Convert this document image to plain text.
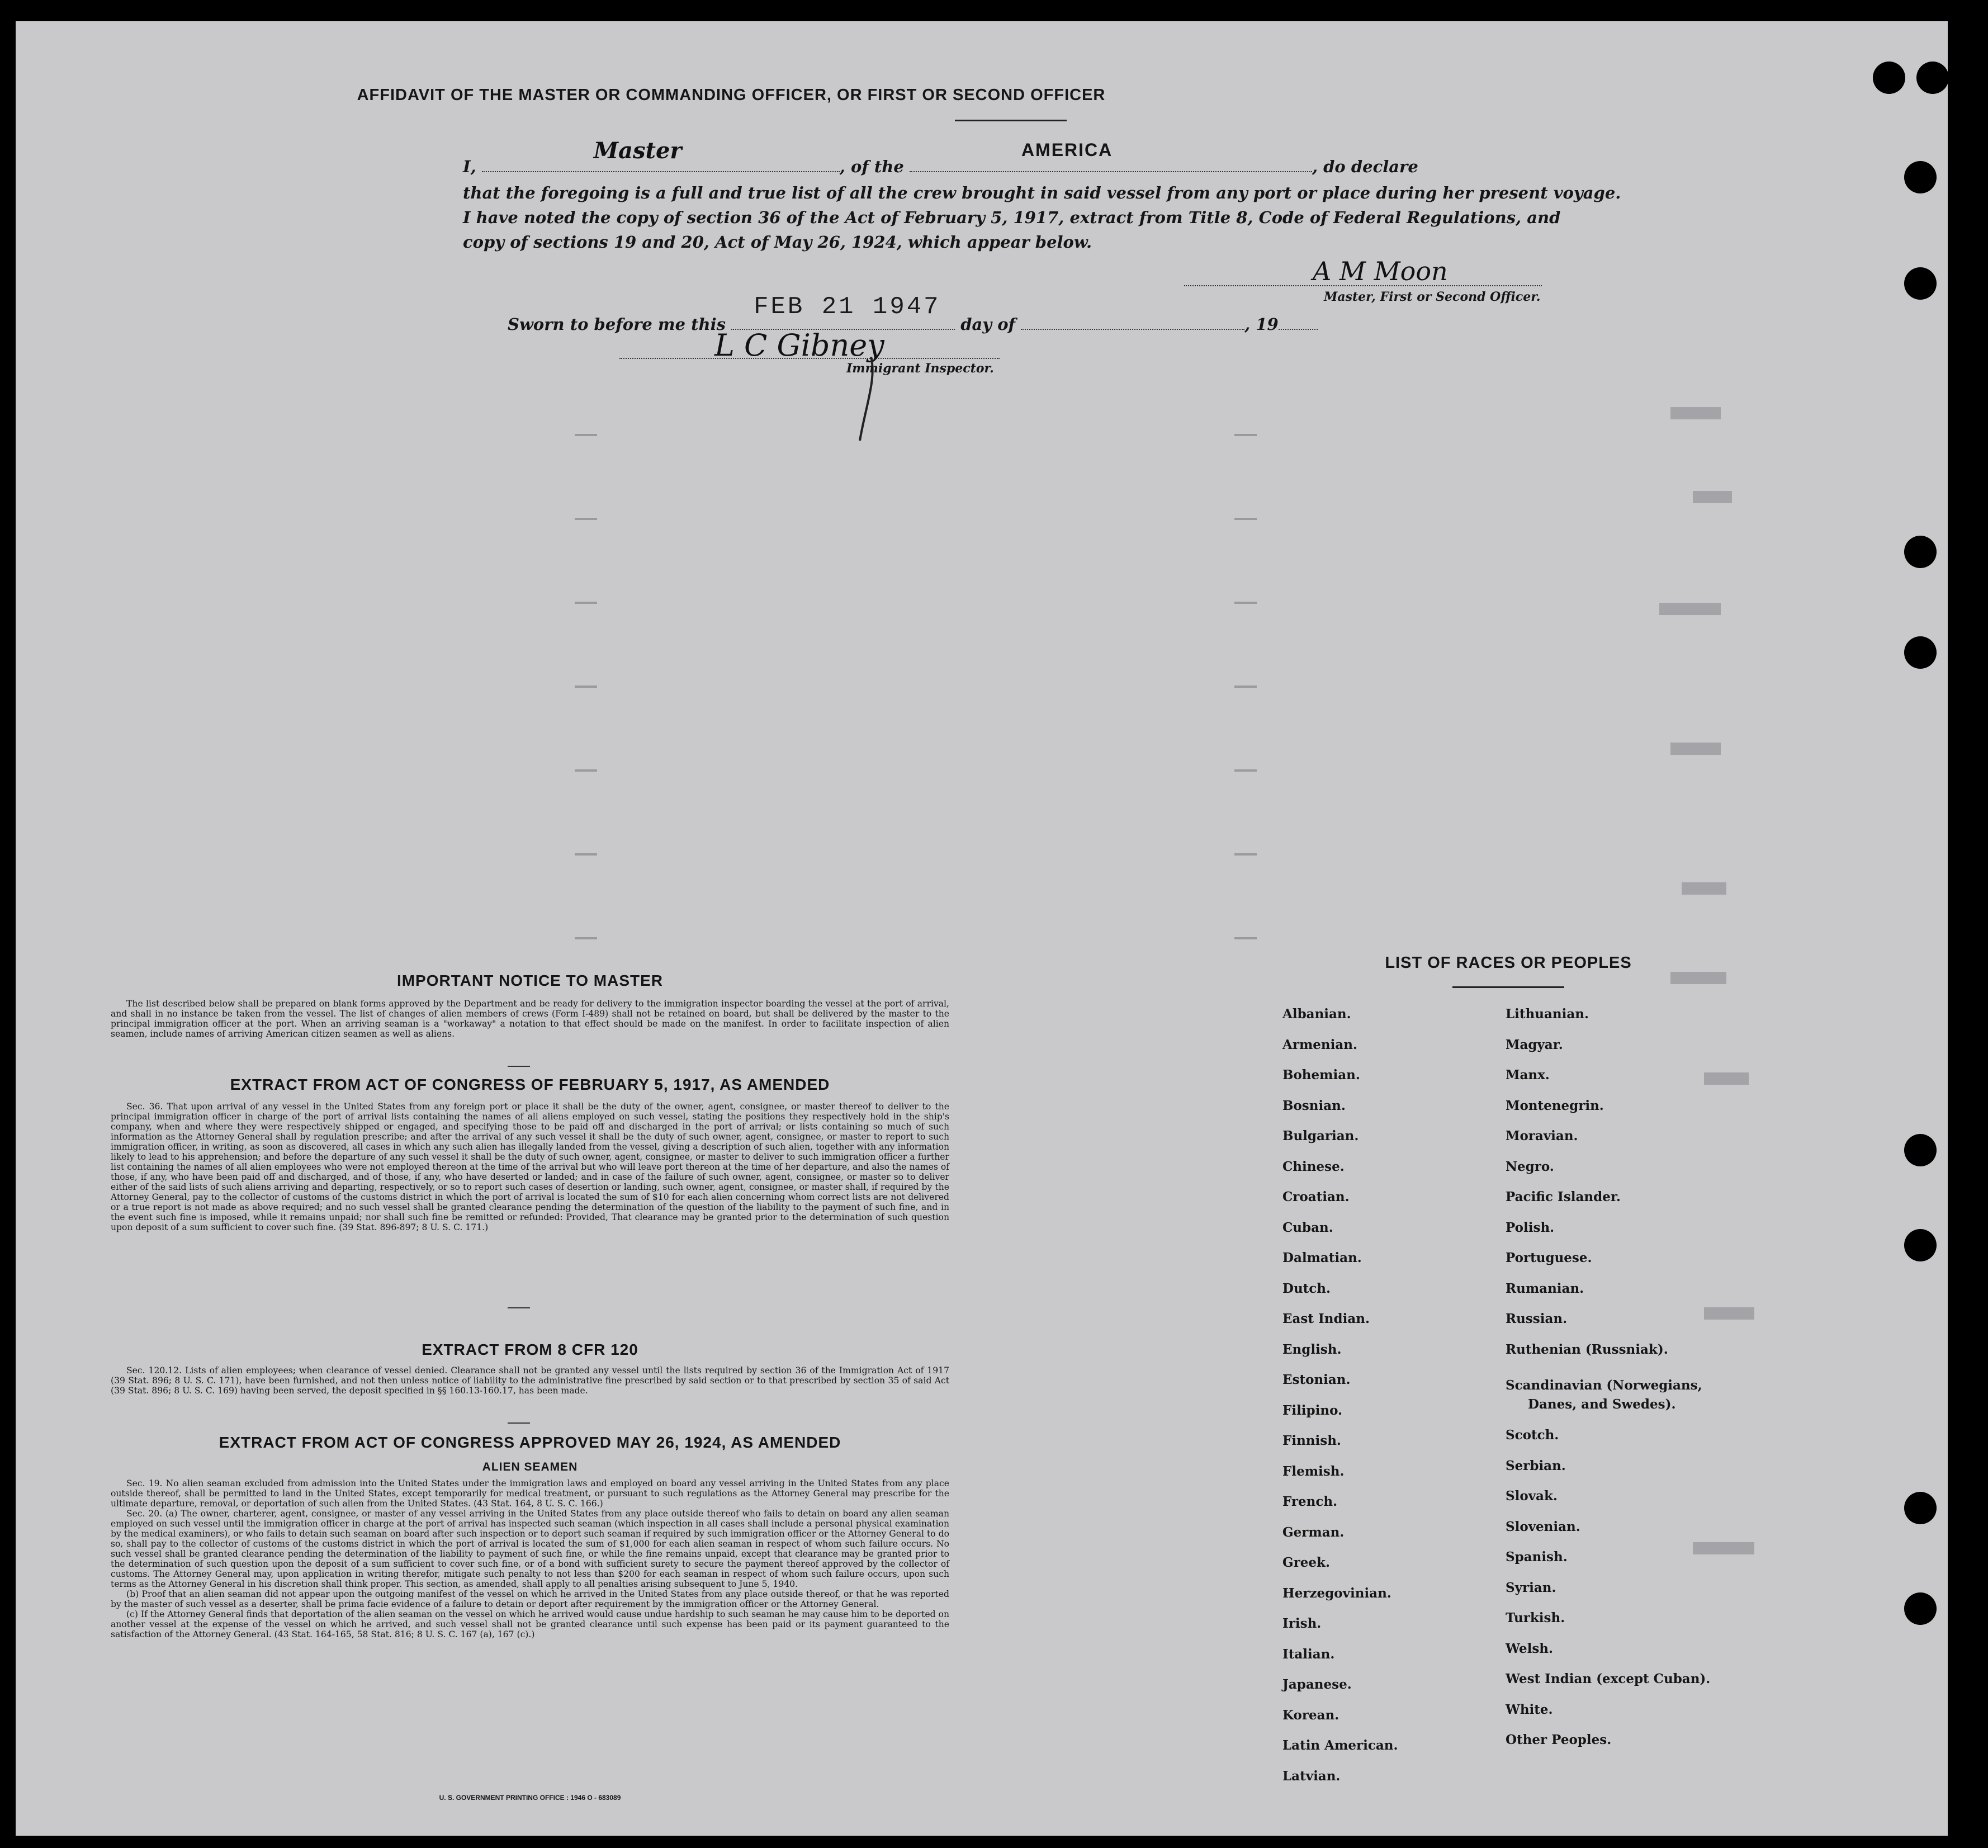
AFFIDAVIT OF THE MASTER OR COMMANDING OFFICER, OR FIRST OR SECOND OFFICER
I,
Master
, of the
AMERICA
, do declare
that the foregoing is a full and true list of all the crew brought in said vessel from any port or place during her present voyage.
I have noted the copy of section 36 of the Act of February 5, 1917, extract from Title 8, Code of Federal Regulations, and
copy of sections 19 and 20, Act of May 26, 1924, which appear below.
A M Moon
Master, First or Second Officer.
Sworn to before me this
FEB 21 1947
day of	, 19
L C Gibney
Immigrant Inspector.
IMPORTANT NOTICE TO MASTER
The list described below shall be prepared on blank forms approved by the Department and be ready for delivery to the immigration inspector boarding the vessel at the port of arrival, and shall in no instance be taken from the vessel. The list of changes of alien members of crews (Form I-489) shall not be retained on board, but shall be delivered by the master to the principal immigration officer at the port. When an arriving seaman is a "workaway" a notation to that effect should be made on the manifest. In order to facilitate inspection of alien seamen, include names of arriving American citizen seamen as well as aliens.
EXTRACT FROM ACT OF CONGRESS OF FEBRUARY 5, 1917, AS AMENDED
Sec. 36. That upon arrival of any vessel in the United States from any foreign port or place it shall be the duty of the owner, agent, consignee, or master thereof to deliver to the principal immigration officer in charge of the port of arrival lists containing the names of all aliens employed on such vessel, stating the positions they respectively hold in the ship's company, when and where they were respectively shipped or engaged, and specifying those to be paid off and discharged in the port of arrival; or lists containing so much of such information as the Attorney General shall by regulation prescribe; and after the arrival of any such vessel it shall be the duty of such owner, agent, consignee, or master to report to such immigration officer, in writing, as soon as discovered, all cases in which any such alien has illegally landed from the vessel, giving a description of such alien, together with any information likely to lead to his apprehension; and before the departure of any such vessel it shall be the duty of such owner, agent, consignee, or master to deliver to such immigration officer a further list containing the names of all alien employees who were not employed thereon at the time of the arrival but who will leave port thereon at the time of her departure, and also the names of those, if any, who have been paid off and discharged, and of those, if any, who have deserted or landed; and in case of the failure of such owner, agent, consignee, or master so to deliver either of the said lists of such aliens arriving and departing, respectively, or so to report such cases of desertion or landing, such owner, agent, consignee, or master shall, if required by the Attorney General, pay to the collector of customs of the customs district in which the port of arrival is located the sum of $10 for each alien concerning whom correct lists are not delivered or a true report is not made as above required; and no such vessel shall be granted clearance pending the determination of the question of the liability to the payment of such fine, and in the event such fine is imposed, while it remains unpaid; nor shall such fine be remitted or refunded: Provided, That clearance may be granted prior to the determination of such question upon deposit of a sum sufficient to cover such fine. (39 Stat. 896-897; 8 U. S. C. 171.)
EXTRACT FROM 8 CFR 120
Sec. 120.12. Lists of alien employees; when clearance of vessel denied. Clearance shall not be granted any vessel until the lists required by section 36 of the Immigration Act of 1917 (39 Stat. 896; 8 U. S. C. 171), have been furnished, and not then unless notice of liability to the administrative fine prescribed by said section or to that prescribed by section 35 of said Act (39 Stat. 896; 8 U. S. C. 169) having been served, the deposit specified in §§ 160.13-160.17, has been made.
EXTRACT FROM ACT OF CONGRESS APPROVED MAY 26, 1924, AS AMENDED
ALIEN SEAMEN
Sec. 19. No alien seaman excluded from admission into the United States under the immigration laws and employed on board any vessel arriving in the United States from any place outside thereof, shall be permitted to land in the United States, except temporarily for medical treatment, or pursuant to such regulations as the Attorney General may prescribe for the ultimate departure, removal, or deportation of such alien from the United States. (43 Stat. 164, 8 U. S. C. 166.)
Sec. 20. (a) The owner, charterer, agent, consignee, or master of any vessel arriving in the United States from any place outside thereof who fails to detain on board any alien seaman employed on such vessel until the immigration officer in charge at the port of arrival has inspected such seaman (which inspection in all cases shall include a personal physical examination by the medical examiners), or who fails to detain such seaman on board after such inspection or to deport such seaman if required by such immigration officer or the Attorney General to do so, shall pay to the collector of customs of the customs district in which the port of arrival is located the sum of $1,000 for each alien seaman in respect of whom such failure occurs. No such vessel shall be granted clearance pending the determination of the liability to payment of such fine, or while the fine remains unpaid, except that clearance may be granted prior to the determination of such question upon the deposit of a sum sufficient to cover such fine, or of a bond with sufficient surety to secure the payment thereof approved by the collector of customs. The Attorney General may, upon application in writing therefor, mitigate such penalty to not less than $200 for each seaman in respect of whom such failure occurs, upon such terms as the Attorney General in his discretion shall think proper. This section, as amended, shall apply to all penalties arising subsequent to June 5, 1940.
(b) Proof that an alien seaman did not appear upon the outgoing manifest of the vessel on which he arrived in the United States from any place outside thereof, or that he was reported by the master of such vessel as a deserter, shall be prima facie evidence of a failure to detain or deport after requirement by the immigration officer or the Attorney General.
(c) If the Attorney General finds that deportation of the alien seaman on the vessel on which he arrived would cause undue hardship to such seaman he may cause him to be deported on another vessel at the expense of the vessel on which he arrived, and such vessel shall not be granted clearance until such expense has been paid or its payment guaranteed to the satisfaction of the Attorney General. (43 Stat. 164-165, 58 Stat. 816; 8 U. S. C. 167 (a), 167 (c).)
U. S. GOVERNMENT PRINTING OFFICE : 1946 O - 683089
LIST OF RACES OR PEOPLES
Albanian.
Armenian.
Bohemian.
Bosnian.
Bulgarian.
Chinese.
Croatian.
Cuban.
Dalmatian.
Dutch.
East Indian.
English.
Estonian.
Filipino.
Finnish.
Flemish.
French.
German.
Greek.
Herzegovinian.
Irish.
Italian.
Japanese.
Korean.
Latin American.
Latvian.
Lithuanian.
Magyar.
Manx.
Montenegrin.
Moravian.
Negro.
Pacific Islander.
Polish.
Portuguese.
Rumanian.
Russian.
Ruthenian (Russniak).
Scandinavian (Norwegians,
Danes, and Swedes).
Scotch.
Serbian.
Slovak.
Slovenian.
Spanish.
Syrian.
Turkish.
Welsh.
West Indian (except Cuban).
White.
Other Peoples.
